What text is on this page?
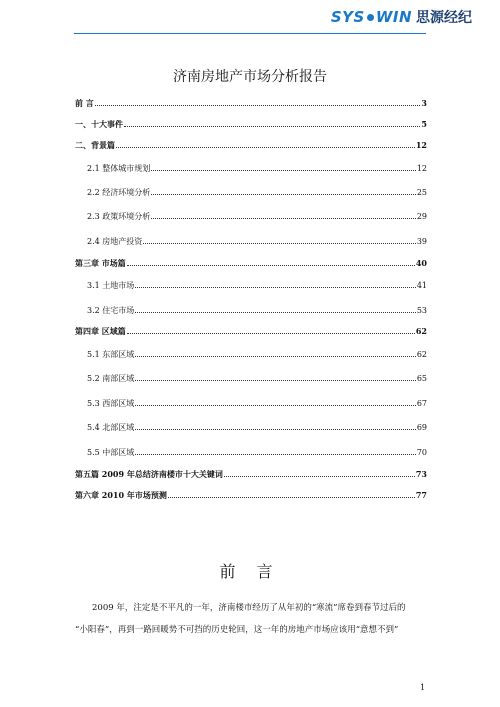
SYS WIN 思源经纪
济南房地产市场分析报告
前 言	3
一、十大事件	5
二、背景篇	12
2.1 整体城市规划	12
2.2 经济环境分析	25
2.3 政策环境分析	29
2.4 房地产投资	39
第三章 市场篇	40
3.1 土地市场	41
3.2 住宅市场	53
第四章 区域篇	62
5.1 东部区域	62
5.2 南部区域	65
5.3 西部区域	67
5.4 北部区域	69
5.5 中部区域	70
第五篇 2009 年总结济南楼市十大关键词	73
第六章 2010 年市场预测	77
前 言
2009 年，注定是不平凡的一年，济南楼市经历了从年初的“寒流”席卷到春节过后的
“小阳春”，再到一路回暖势不可挡的历史轮回，这一年的房地产市场应该用“意想不到”
1
